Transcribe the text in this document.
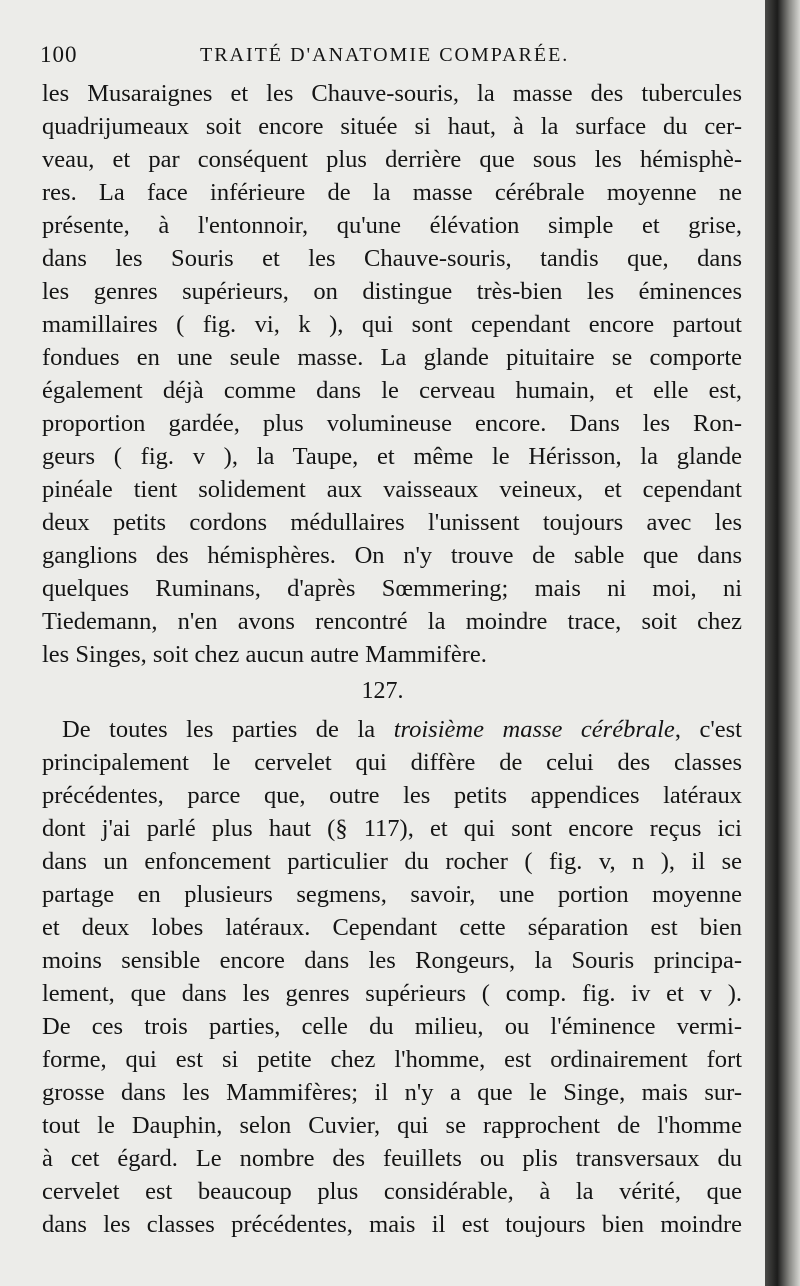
100	TRAITÉ D'ANATOMIE COMPARÉE.
les Musaraignes et les Chauve-souris, la masse des tubercules
quadrijumeaux soit encore située si haut, à la surface du cer-
veau, et par conséquent plus derrière que sous les hémisphè-
res. La face inférieure de la masse cérébrale moyenne ne
présente, à l'entonnoir, qu'une élévation simple et grise,
dans les Souris et les Chauve-souris, tandis que, dans
les genres supérieurs, on distingue très-bien les éminences
mamillaires ( fig. vi, k ), qui sont cependant encore partout
fondues en une seule masse. La glande pituitaire se comporte
également déjà comme dans le cerveau humain, et elle est,
proportion gardée, plus volumineuse encore. Dans les Ron-
geurs ( fig. v ), la Taupe, et même le Hérisson, la glande
pinéale tient solidement aux vaisseaux veineux, et cependant
deux petits cordons médullaires l'unissent toujours avec les
ganglions des hémisphères. On n'y trouve de sable que dans
quelques Ruminans, d'après Sœmmering; mais ni moi, ni
Tiedemann, n'en avons rencontré la moindre trace, soit chez
les Singes, soit chez aucun autre Mammifère.
127.
De toutes les parties de la troisième masse cérébrale, c'est
principalement le cervelet qui diffère de celui des classes
précédentes, parce que, outre les petits appendices latéraux
dont j'ai parlé plus haut (§ 117), et qui sont encore reçus ici
dans un enfoncement particulier du rocher ( fig. v, n ), il se
partage en plusieurs segmens, savoir, une portion moyenne
et deux lobes latéraux. Cependant cette séparation est bien
moins sensible encore dans les Rongeurs, la Souris principa-
lement, que dans les genres supérieurs ( comp. fig. iv et v ).
De ces trois parties, celle du milieu, ou l'éminence vermi-
forme, qui est si petite chez l'homme, est ordinairement fort
grosse dans les Mammifères; il n'y a que le Singe, mais sur-
tout le Dauphin, selon Cuvier, qui se rapprochent de l'homme
à cet égard. Le nombre des feuillets ou plis transversaux du
cervelet est beaucoup plus considérable, à la vérité, que
dans les classes précédentes, mais il est toujours bien moindre
